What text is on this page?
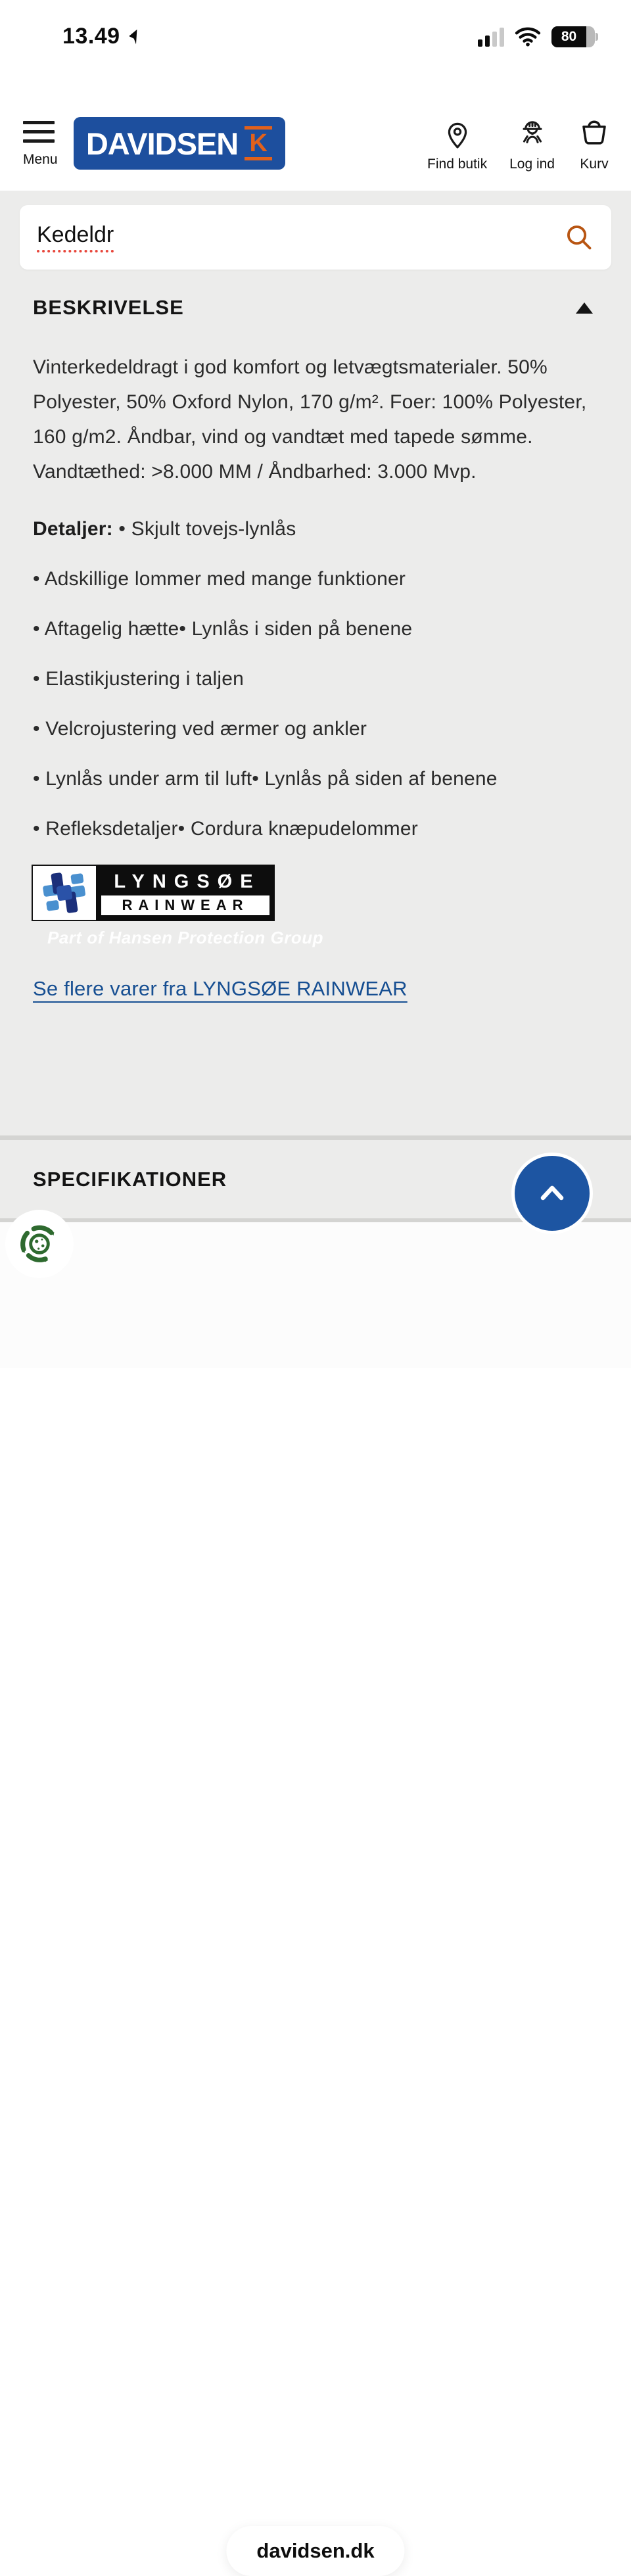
13.49	80
Menu DAVIDSEN K
Find butik Log ind Kurv
Kedeldr
BESKRIVELSE

Vinterkedeldragt i god komfort og letvægtsmaterialer. 50% Polyester, 50% Oxford Nylon, 170 g/m². Foer: 100% Polyester, 160 g/m2. Åndbar, vind og vandtæt med tapede sømme. Vandtæthed: >8.000 MM / Åndbarhed: 3.000 Mvp.

Detaljer: • Skjult tovejs-lynlås

• Adskillige lommer med mange funktioner

• Aftagelig hætte• Lynlås i siden på benene

• Elastikjustering i taljen

• Velcrojustering ved ærmer og ankler

• Lynlås under arm til luft• Lynlås på siden af benene

• Refleksdetaljer• Cordura knæpudelommer

LYNGSØE
RAINWEAR
Part of Hansen Protection Group
Se flere varer fra LYNGSØE RAINWEAR
SPECIFIKATIONER
davidsen.dk
